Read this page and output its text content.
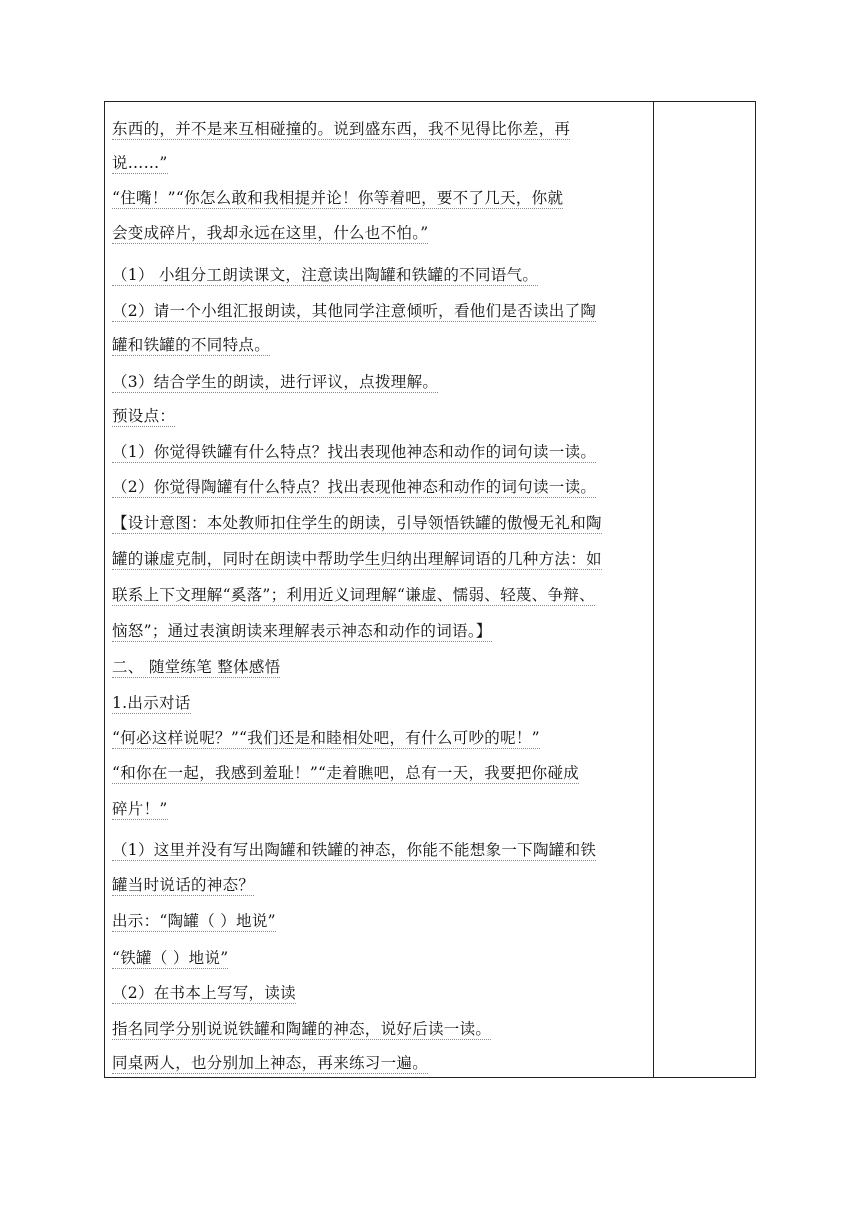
东西的，并不是来互相碰撞的。说到盛东西，我不见得比你差，再
说……”
“住嘴！”“你怎么敢和我相提并论！你等着吧，要不了几天，你就
会变成碎片，我却永远在这里，什么也不怕。”
（1） 小组分工朗读课文，注意读出陶罐和铁罐的不同语气。
（2）请一个小组汇报朗读，其他同学注意倾听，看他们是否读出了陶
罐和铁罐的不同特点。
（3）结合学生的朗读，进行评议，点拨理解。
预设点：
（1）你觉得铁罐有什么特点？找出表现他神态和动作的词句读一读。
（2）你觉得陶罐有什么特点？找出表现他神态和动作的词句读一读。
【设计意图：本处教师扣住学生的朗读，引导领悟铁罐的傲慢无礼和陶
罐的谦虚克制，同时在朗读中帮助学生归纳出理解词语的几种方法：如
联系上下文理解“奚落”；利用近义词理解“谦虚、懦弱、轻蔑、争辩、
恼怒”；通过表演朗读来理解表示神态和动作的词语。】
二、 随堂练笔 整体感悟
1.出示对话
“何必这样说呢？”“我们还是和睦相处吧，有什么可吵的呢！”
“和你在一起，我感到羞耻！”“走着瞧吧，总有一天，我要把你碰成
碎片！”
（1）这里并没有写出陶罐和铁罐的神态，你能不能想象一下陶罐和铁
罐当时说话的神态？
出示：“陶罐（ ）地说”
“铁罐（ ）地说”
（2）在书本上写写，读读
指名同学分别说说铁罐和陶罐的神态，说好后读一读。
同桌两人，也分别加上神态，再来练习一遍。
